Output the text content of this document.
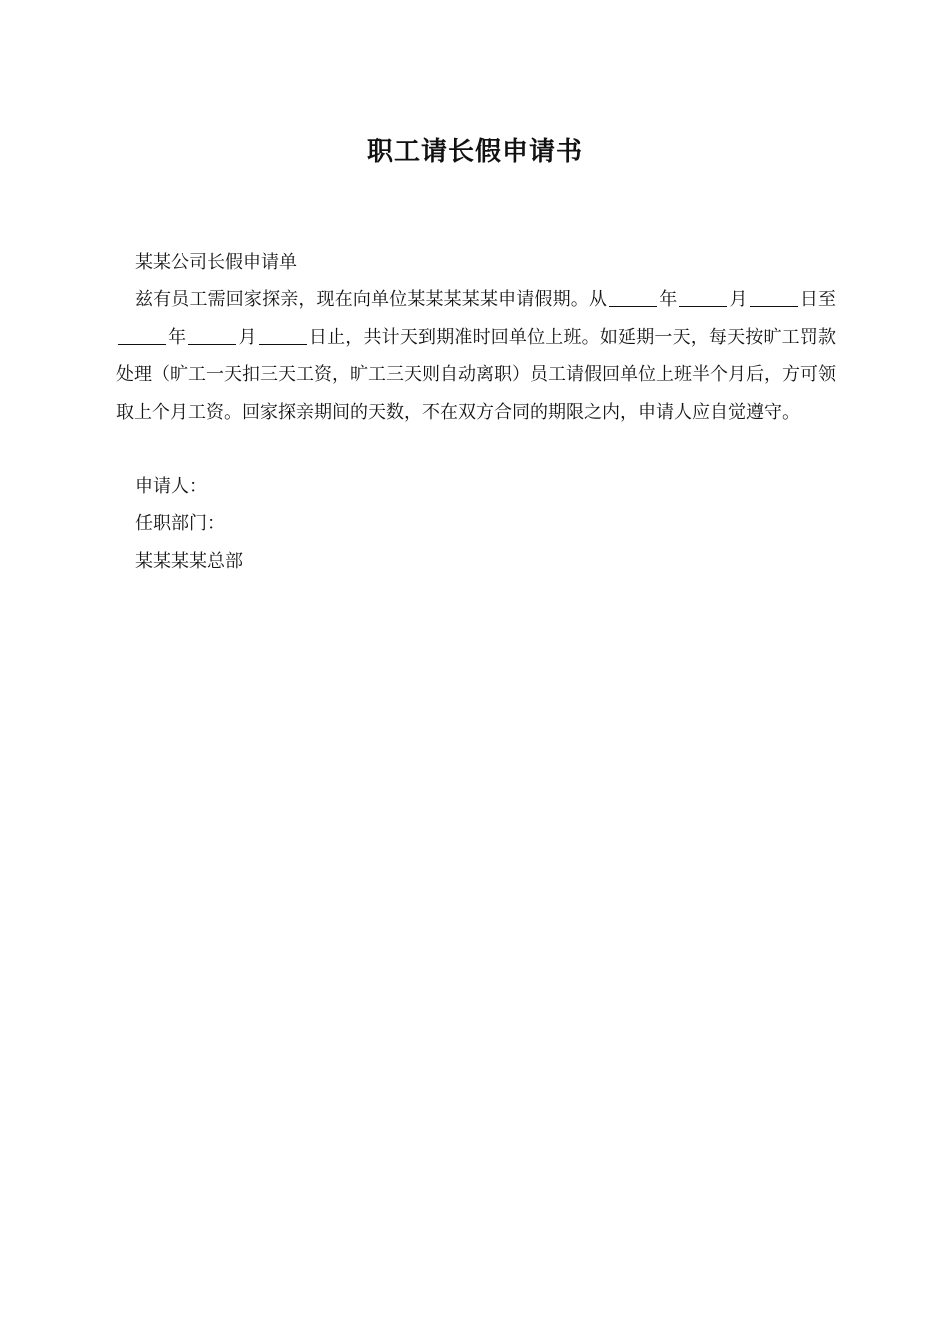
职工请长假申请书
某某公司长假申请单

兹有员工需回家探亲，现在向单位某某某某某申请假期。从	年	月	日至年	月	日止，共计天到期准时回单位上班。如延期一天，每天按旷工罚款处理（旷工一天扣三天工资，旷工三天则自动离职）员工请假回单位上班半个月后，方可领取上个月工资。回家探亲期间的天数，不在双方合同的期限之内，申请人应自觉遵守。

申请人：
任职部门：
某某某某总部
